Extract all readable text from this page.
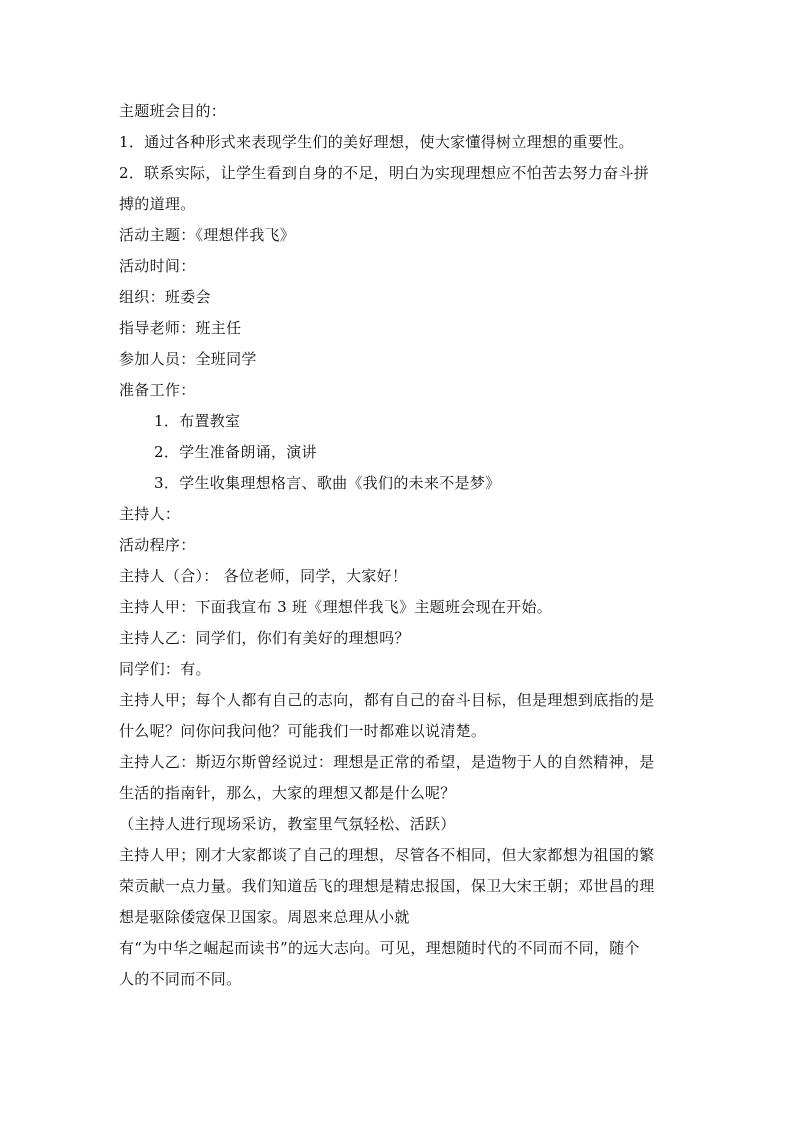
主题班会目的：
1．通过各种形式来表现学生们的美好理想，使大家懂得树立理想的重要性。
2．联系实际，让学生看到自身的不足，明白为实现理想应不怕苦去努力奋斗拼
搏的道理。
活动主题：《理想伴我飞》
活动时间：
组织：班委会
指导老师：班主任
参加人员：全班同学
准备工作：
1．布置教室
2．学生准备朗诵，演讲
3．学生收集理想格言、歌曲《我们的未来不是梦》
主持人：
活动程序：
主持人（合）： 各位老师，同学，大家好！
主持人甲：下面我宣布 3 班《理想伴我飞》主题班会现在开始。
主持人乙：同学们，你们有美好的理想吗？
同学们：有。
主持人甲；每个人都有自己的志向，都有自己的奋斗目标，但是理想到底指的是
什么呢？问你问我问他？可能我们一时都难以说清楚。
主持人乙：斯迈尔斯曾经说过：理想是正常的希望，是造物于人的自然精神，是
生活的指南针，那么，大家的理想又都是什么呢？
（主持人进行现场采访，教室里气氛轻松、活跃）
主持人甲；刚才大家都谈了自己的理想，尽管各不相同，但大家都想为祖国的繁
荣贡献一点力量。我们知道岳飞的理想是精忠报国，保卫大宋王朝；邓世昌的理
想是驱除倭寇保卫国家。周恩来总理从小就
有“为中华之崛起而读书”的远大志向。可见，理想随时代的不同而不同，随个
人的不同而不同。
